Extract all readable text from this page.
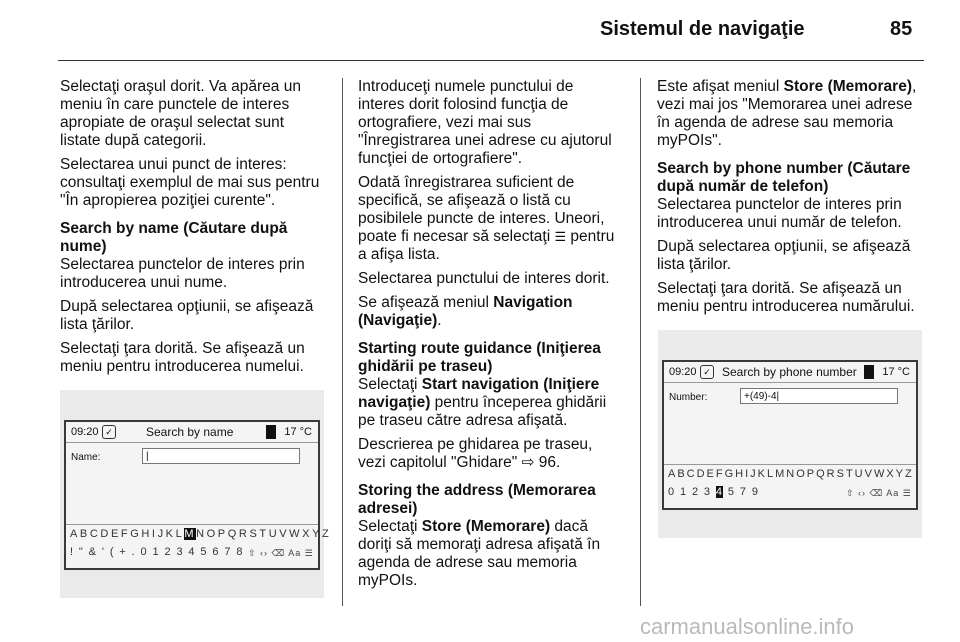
Sistemul de navigaţie	85

Selectaţi oraşul dorit. Va apărea un meniu în care punctele de interes apropiate de oraşul selectat sunt listate după categorii.

Selectarea unui punct de interes: consultaţi exemplul de mai sus pentru "În apropierea poziţiei curente".

Search by name (Căutare după nume)

Selectarea punctelor de interes prin introducerea unui nume.

După selectarea opţiunii, se afişează lista ţărilor.

Selectaţi ţara dorită. Se afişează un meniu pentru introducerea numelui.

09:20 ✓	Search by name	17 °C
Name:	|
ABCDEFGHIJKLMNOPQRSTUVWXYZ
! " & ' ( + . 0 1 2 3 4 5 6 7 8 ⇧ ‹› ⌫ Aa ☰

Introduceţi numele punctului de interes dorit folosind funcţia de ortografiere, vezi mai sus "Înregistrarea unei adrese cu ajutorul funcţiei de ortografiere".

Odată înregistrarea suficient de specifică, se afişează o listă cu posibilele puncte de interes. Uneori, poate fi necesar să selectaţi ☰ pentru a afişa lista.

Selectarea punctului de interes dorit.

Se afişează meniul Navigation (Navigaţie).

Starting route guidance (Iniţierea ghidării pe traseu)

Selectaţi Start navigation (Iniţiere navigaţie) pentru începerea ghidării pe traseu către adresa afişată.

Descrierea pe ghidarea pe traseu, vezi capitolul "Ghidare" ⇨ 96.

Storing the address (Memorarea adresei)

Selectaţi Store (Memorare) dacă doriţi să memoraţi adresa afişată în agenda de adrese sau memoria myPOIs.

Este afişat meniul Store (Memorare), vezi mai jos "Memorarea unei adrese în agenda de adrese sau memoria myPOIs".

Search by phone number (Căutare după număr de telefon)

Selectarea punctelor de interes prin introducerea unui număr de telefon.

După selectarea opţiunii, se afişează lista ţărilor.

Selectaţi ţara dorită. Se afişează un meniu pentru introducerea numărului.

09:20 ✓ Search by phone number 17 °C
Number:	+(49)-4|
ABCDEFGHIJKLMNOPQRSTUVWXYZ
0 1 2 3 4 5 7 9	⇧ ‹› ⌫ Aa ☰
carmanualsonline.info
